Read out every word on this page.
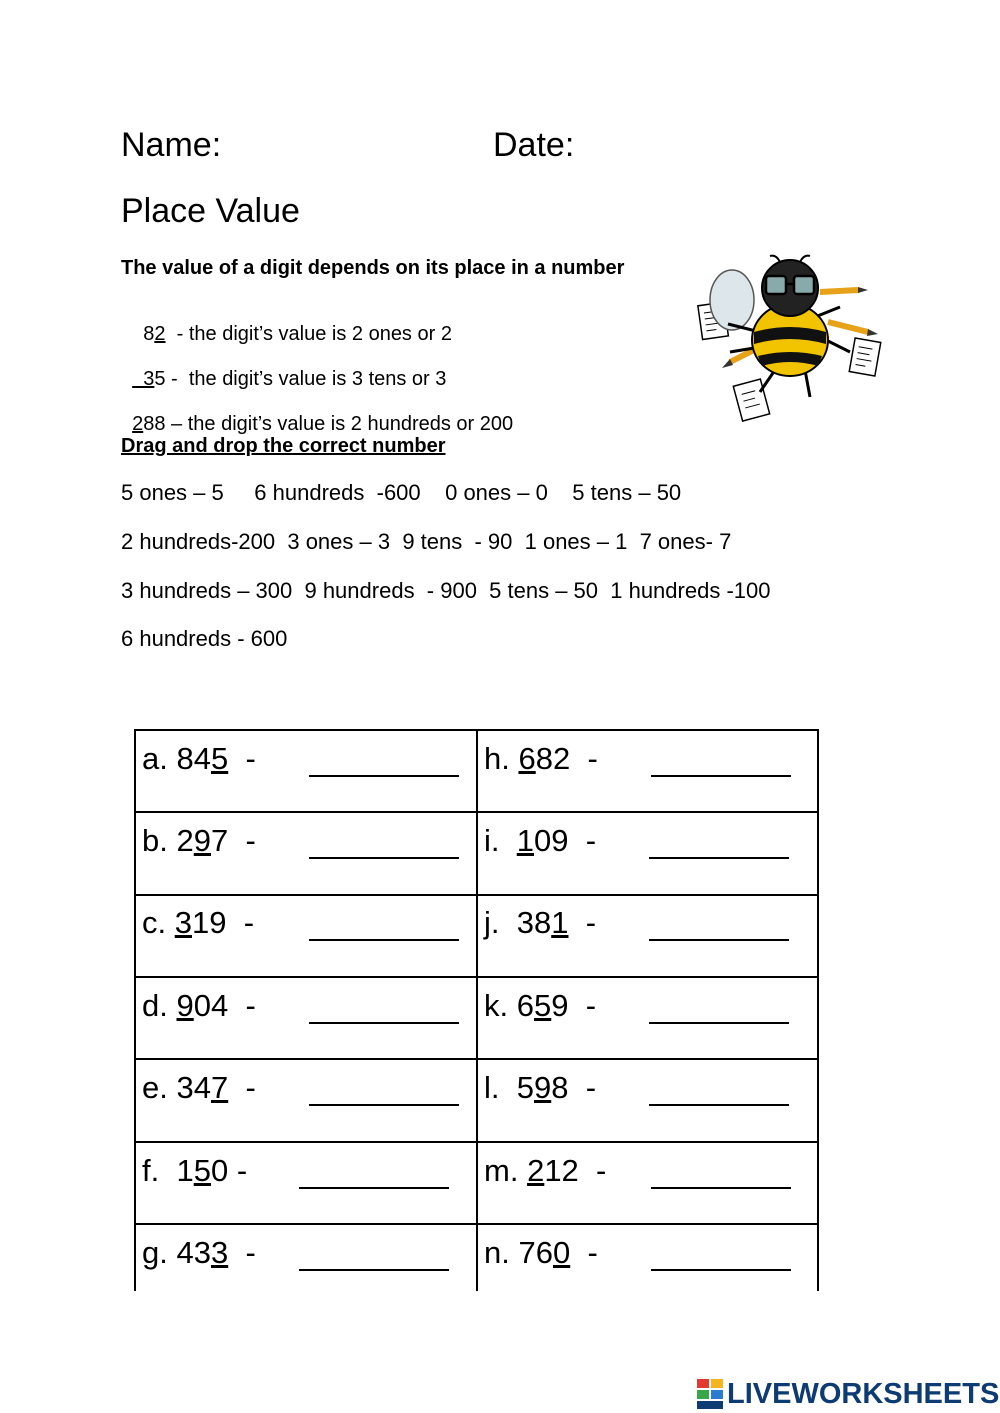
Name:	Date:
Place Value
The value of a digit depends on its place in a number

82  - the digit’s value is 2 ones or 2

35 -  the digit’s value is 3 tens or 3

288 – the digit’s value is 2 hundreds or 200

Drag and drop the correct number
5 ones – 5     6 hundreds  -600    0 ones – 0    5 tens – 50
2 hundreds-200  3 ones – 3  9 tens  - 90  1 ones – 1  7 ones- 7
3 hundreds – 300  9 hundreds  - 900  5 tens – 50  1 hundreds -100
6 hundreds - 600
a. 845 -
b. 297 -
c. 319 -
d. 904 -
e. 347 -
f. 150 -
g. 433 -
h. 682 -
i. 109 -
j. 381 -
k. 659 -
l. 598 -
m. 212 -
n. 760 -
LIVEWORKSHEETS
